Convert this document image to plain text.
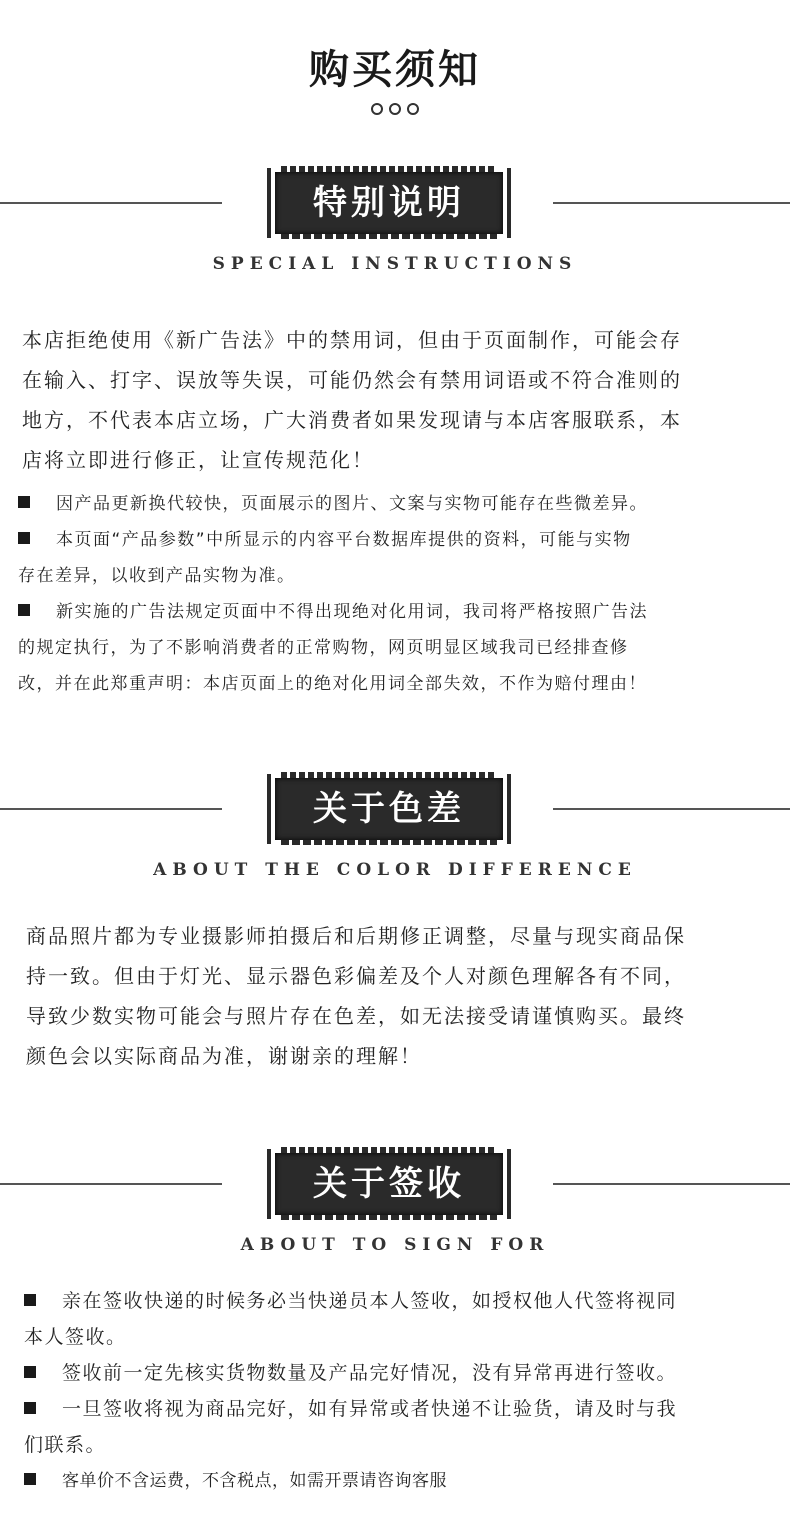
购买须知
特别说明
SPECIAL INSTRUCTIONS
本店拒绝使用《新广告法》中的禁用词，但由于页面制作，可能会存
在输入、打字、误放等失误，可能仍然会有禁用词语或不符合准则的
地方，不代表本店立场，广大消费者如果发现请与本店客服联系，本
店将立即进行修正，让宣传规范化！
因产品更新换代较快，页面展示的图片、文案与实物可能存在些微差异。
本页面“产品参数”中所显示的内容平台数据库提供的资料，可能与实物
存在差异，以收到产品实物为准。
新实施的广告法规定页面中不得出现绝对化用词，我司将严格按照广告法
的规定执行，为了不影响消费者的正常购物，网页明显区域我司已经排查修
改，并在此郑重声明：本店页面上的绝对化用词全部失效，不作为赔付理由！
关于色差
ABOUT THE COLOR DIFFERENCE
商品照片都为专业摄影师拍摄后和后期修正调整，尽量与现实商品保
持一致。但由于灯光、显示器色彩偏差及个人对颜色理解各有不同，
导致少数实物可能会与照片存在色差，如无法接受请谨慎购买。最终
颜色会以实际商品为准，谢谢亲的理解！
关于签收
ABOUT TO SIGN FOR
亲在签收快递的时候务必当快递员本人签收，如授权他人代签将视同
本人签收。
签收前一定先核实货物数量及产品完好情况，没有异常再进行签收。
一旦签收将视为商品完好，如有异常或者快递不让验货，请及时与我
们联系。
客单价不含运费，不含税点，如需开票请咨询客服
